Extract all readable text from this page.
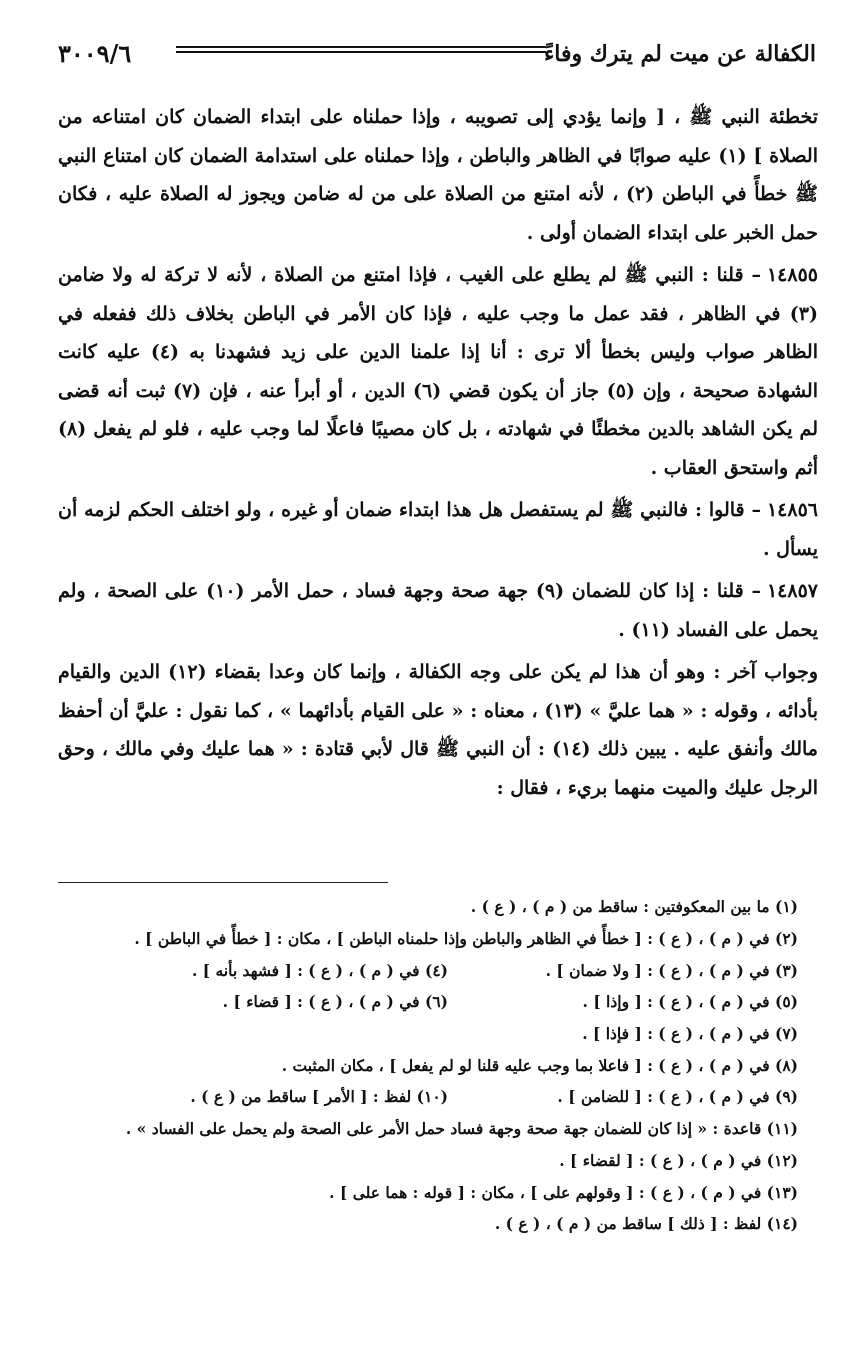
الكفالة عن ميت لم يترك وفاءً
٣٠٠٩/٦

تخطئة النبي ﷺ ، [ وإنما يؤدي إلى تصويبه ، وإذا حملناه على ابتداء الضمان كان امتناعه من الصلاة ] (١) عليه صوابًا في الظاهر والباطن ، وإذا حملناه على استدامة الضمان كان امتناع النبي ﷺ خطأً في الباطن (٢) ، لأنه امتنع من الصلاة على من له ضامن ويجوز له الصلاة عليه ، فكان حمل الخبر على ابتداء الضمان أولى .

١٤٨٥٥– قلنا : النبي ﷺ لم يطلع على الغيب ، فإذا امتنع من الصلاة ، لأنه لا تركة له ولا ضامن (٣) في الظاهر ، فقد عمل ما وجب عليه ، فإذا كان الأمر في الباطن بخلاف ذلك ففعله في الظاهر صواب وليس بخطأ ألا ترى : أنا إذا علمنا الدين على زيد فشهدنا به (٤) عليه كانت الشهادة صحيحة ، وإن (٥) جاز أن يكون قضي (٦) الدين ، أو أبرأ عنه ، فإن (٧) ثبت أنه قضى لم يكن الشاهد بالدين مخطئًا في شهادته ، بل كان مصيبًا فاعلًا لما وجب عليه ، فلو لم يفعل (٨) أثم واستحق العقاب .

١٤٨٥٦– قالوا : فالنبي ﷺ لم يستفصل هل هذا ابتداء ضمان أو غيره ، ولو اختلف الحكم لزمه أن يسأل .

١٤٨٥٧– قلنا : إذا كان للضمان (٩) جهة صحة وجهة فساد ، حمل الأمر (١٠) على الصحة ، ولم يحمل على الفساد (١١) .

وجواب آخر : وهو أن هذا لم يكن على وجه الكفالة ، وإنما كان وعدا بقضاء (١٢) الدين والقيام بأدائه ، وقوله : « هما عليَّ » (١٣) ، معناه : « على القيام بأدائهما » ، كما نقول : عليَّ أن أحفظ مالك وأنفق عليه . يبين ذلك (١٤) : أن النبي ﷺ قال لأبي قتادة : « هما عليك وفي مالك ، وحق الرجل عليك والميت منهما بريء ، فقال :

(١) ما بين المعكوفتين : ساقط من ( م ) ، ( ع ) .
(٢) في ( م ) ، ( ع ) : [ خطأً في الظاهر والباطن وإذا حلمناه الباطن ] ، مكان : [ خطأً في الباطن ] .
(٣) في ( م ) ، ( ع ) : [ ولا ضمان ] .
(٤) في ( م ) ، ( ع ) : [ فشهد بأنه ] .
(٥) في ( م ) ، ( ع ) : [ وإذا ] .
(٦) في ( م ) ، ( ع ) : [ قضاء ] .
(٧) في ( م ) ، ( ع ) : [ فإذا ] .
(٨) في ( م ) ، ( ع ) : [ فاعلا بما وجب عليه قلنا لو لم يفعل ] ، مكان المثبت .
(٩) في ( م ) ، ( ع ) : [ للضامن ] .
(١٠) لفظ : [ الأمر ] ساقط من ( ع ) .
(١١) قاعدة : « إذا كان للضمان جهة صحة وجهة فساد حمل الأمر على الصحة ولم يحمل على الفساد » .
(١٢) في ( م ) ، ( ع ) : [ لقضاء ] .
(١٣) في ( م ) ، ( ع ) : [ وقولهم على ] ، مكان : [ قوله : هما على ] .
(١٤) لفظ : [ ذلك ] ساقط من ( م ) ، ( ع ) .
